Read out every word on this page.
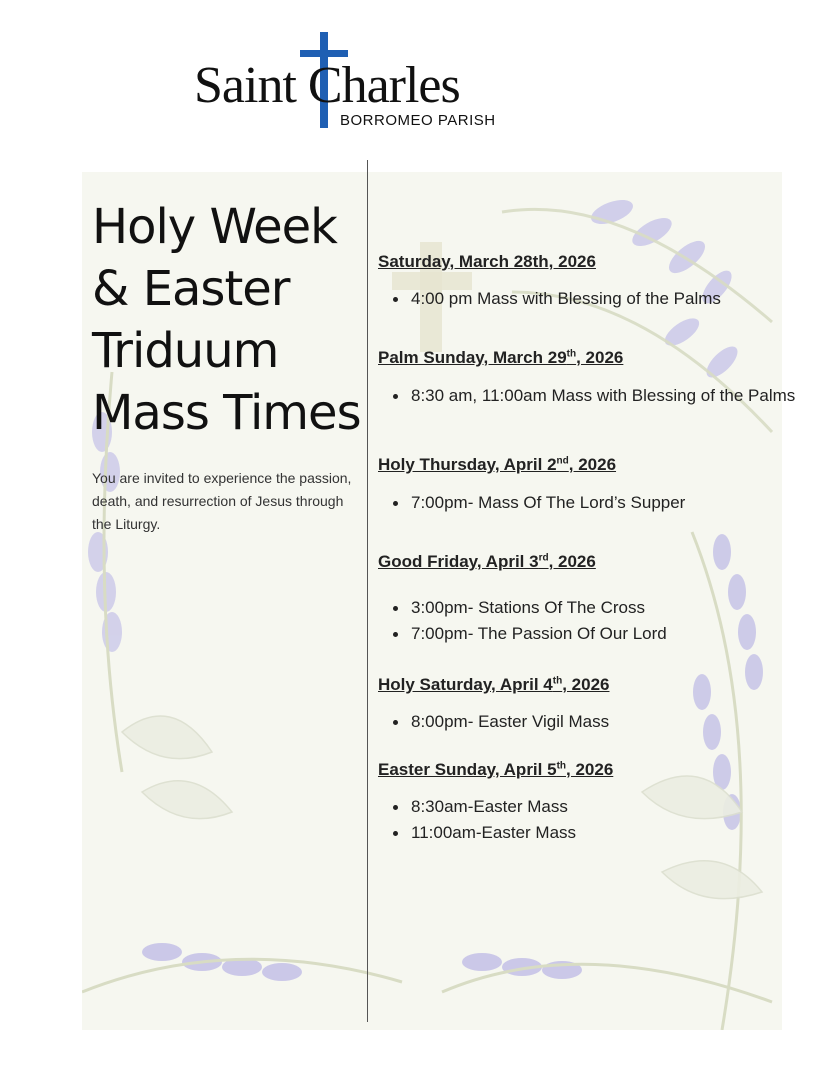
Saint Charles
BORROMEO PARISH
Holy Week
& Easter
Triduum
Mass Times
You are invited to experience the passion, death, and resurrection of Jesus through the Liturgy.
Saturday, March 28th, 2026
4:00 pm Mass with Blessing of the Palms
Palm Sunday, March 29th, 2026
8:30 am, 11:00am Mass with Blessing of the Palms
Holy Thursday, April 2nd, 2026
7:00pm- Mass Of The Lord’s Supper
Good Friday, April 3rd, 2026
3:00pm- Stations Of The Cross
7:00pm- The Passion Of Our Lord
Holy Saturday, April 4th, 2026
8:00pm- Easter Vigil Mass
Easter Sunday, April 5th, 2026
8:30am-Easter Mass
11:00am-Easter Mass
